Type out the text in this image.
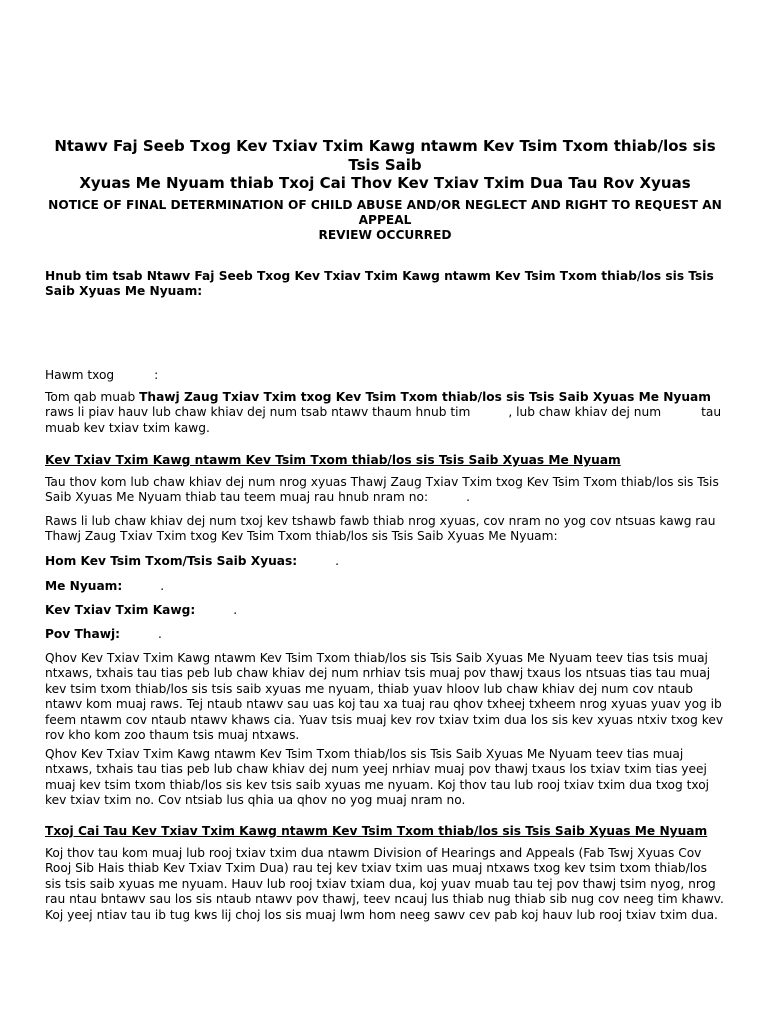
Ntawv Faj Seeb Txog Kev Txiav Txim Kawg ntawm Kev Tsim Txom thiab/los sis Tsis Saib
Xyuas Me Nyuam thiab Txoj Cai Thov Kev Txiav Txim Dua Tau Rov Xyuas
NOTICE OF FINAL DETERMINATION OF CHILD ABUSE AND/OR NEGLECT AND RIGHT TO REQUEST AN APPEAL
REVIEW OCCURRED

Hnub tim tsab Ntawv Faj Seeb Txog Kev Txiav Txim Kawg ntawm Kev Tsim Txom thiab/los sis Tsis Saib Xyuas Me Nyuam:

Hawm txog	:

Tom qab muab Thawj Zaug Txiav Txim txog Kev Tsim Txom thiab/los sis Tsis Saib Xyuas Me Nyuam raws li piav hauv lub chaw khiav dej num tsab ntawv thaum hnub tim	, lub chaw khiav dej num	tau muab kev txiav txim kawg.

Kev Txiav Txim Kawg ntawm Kev Tsim Txom thiab/los sis Tsis Saib Xyuas Me Nyuam

Tau thov kom lub chaw khiav dej num nrog xyuas Thawj Zaug Txiav Txim txog Kev Tsim Txom thiab/los sis Tsis Saib Xyuas Me Nyuam thiab tau teem muaj rau hnub nram no:	.

Raws li lub chaw khiav dej num txoj kev tshawb fawb thiab nrog xyuas, cov nram no yog cov ntsuas kawg rau Thawj Zaug Txiav Txim txog Kev Tsim Txom thiab/los sis Tsis Saib Xyuas Me Nyuam:

Hom Kev Tsim Txom/Tsis Saib Xyuas:	.

Me Nyuam:	.

Kev Txiav Txim Kawg:	.

Pov Thawj:	.

Qhov Kev Txiav Txim Kawg ntawm Kev Tsim Txom thiab/los sis Tsis Saib Xyuas Me Nyuam teev tias tsis muaj ntxaws, txhais tau tias peb lub chaw khiav dej num nrhiav tsis muaj pov thawj txaus los ntsuas tias tau muaj kev tsim txom thiab/los sis tsis saib xyuas me nyuam, thiab yuav hloov lub chaw khiav dej num cov ntaub ntawv kom muaj raws. Tej ntaub ntawv sau uas koj tau xa tuaj rau qhov txheej txheem nrog xyuas yuav yog ib feem ntawm cov ntaub ntawv khaws cia. Yuav tsis muaj kev rov txiav txim dua los sis kev xyuas ntxiv txog kev rov kho kom zoo thaum tsis muaj ntxaws.

Qhov Kev Txiav Txim Kawg ntawm Kev Tsim Txom thiab/los sis Tsis Saib Xyuas Me Nyuam teev tias muaj ntxaws, txhais tau tias peb lub chaw khiav dej num yeej nrhiav muaj pov thawj txaus los txiav txim tias yeej muaj kev tsim txom thiab/los sis kev tsis saib xyuas me nyuam. Koj thov tau lub rooj txiav txim dua txog txoj kev txiav txim no. Cov ntsiab lus qhia ua qhov no yog muaj nram no.

Txoj Cai Tau Kev Txiav Txim Kawg ntawm Kev Tsim Txom thiab/los sis Tsis Saib Xyuas Me Nyuam

Koj thov tau kom muaj lub rooj txiav txim dua ntawm Division of Hearings and Appeals (Fab Tswj Xyuas Cov Rooj Sib Hais thiab Kev Txiav Txim Dua) rau tej kev txiav txim uas muaj ntxaws txog kev tsim txom thiab/los sis tsis saib xyuas me nyuam. Hauv lub rooj txiav txiam dua, koj yuav muab tau tej pov thawj tsim nyog, nrog rau ntau bntawv sau los sis ntaub ntawv pov thawj, teev ncauj lus thiab nug thiab sib nug cov neeg tim khawv. Koj yeej ntiav tau ib tug kws lij choj los sis muaj lwm hom neeg sawv cev pab koj hauv lub rooj txiav txim dua.
